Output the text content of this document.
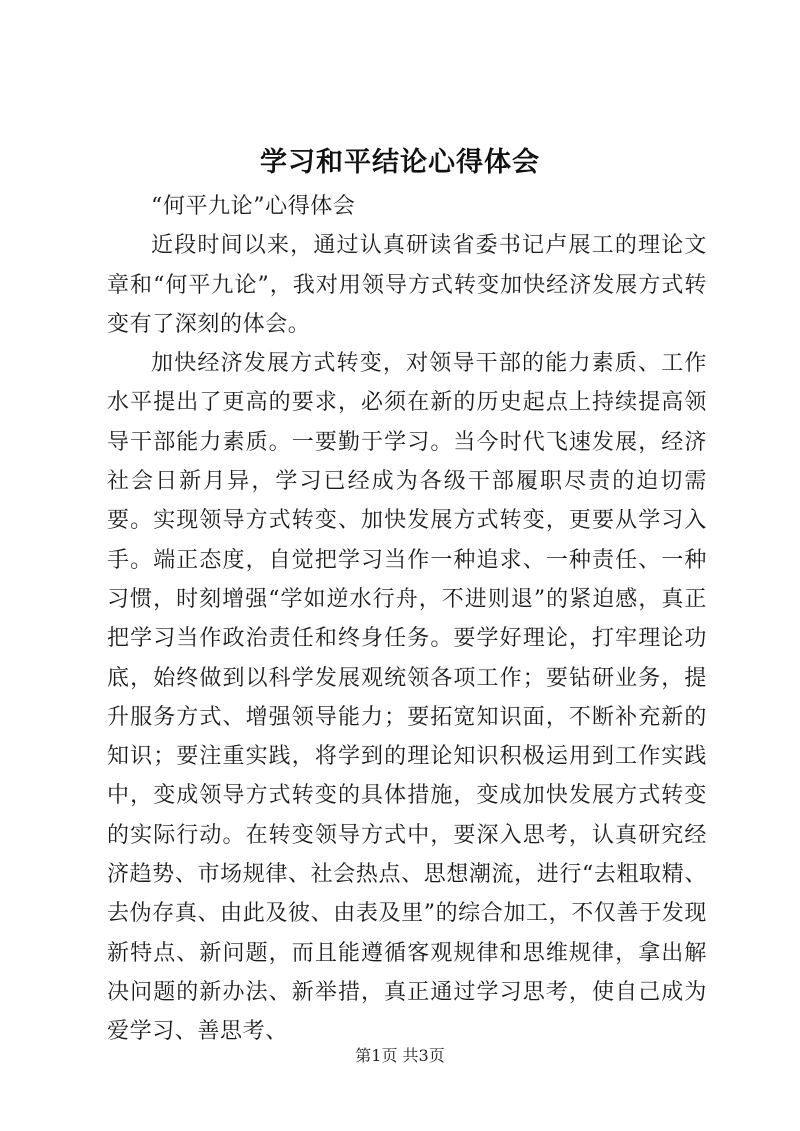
学习和平结论心得体会

“何平九论”心得体会

近段时间以来，通过认真研读省委书记卢展工的理论文章和“何平九论”，我对用领导方式转变加快经济发展方式转变有了深刻的体会。

加快经济发展方式转变，对领导干部的能力素质、工作水平提出了更高的要求，必须在新的历史起点上持续提高领导干部能力素质。一要勤于学习。当今时代飞速发展，经济社会日新月异，学习已经成为各级干部履职尽责的迫切需要。实现领导方式转变、加快发展方式转变，更要从学习入手。端正态度，自觉把学习当作一种追求、一种责任、一种习惯，时刻增强“学如逆水行舟，不进则退”的紧迫感，真正把学习当作政治责任和终身任务。要学好理论，打牢理论功底，始终做到以科学发展观统领各项工作；要钻研业务，提升服务方式、增强领导能力；要拓宽知识面，不断补充新的知识；要注重实践，将学到的理论知识积极运用到工作实践中，变成领导方式转变的具体措施，变成加快发展方式转变的实际行动。在转变领导方式中，要深入思考，认真研究经济趋势、市场规律、社会热点、思想潮流，进行“去粗取精、去伪存真、由此及彼、由表及里”的综合加工，不仅善于发现新特点、新问题，而且能遵循客观规律和思维规律，拿出解决问题的新办法、新举措，真正通过学习思考，使自己成为爱学习、善思考、

第1页 共3页
